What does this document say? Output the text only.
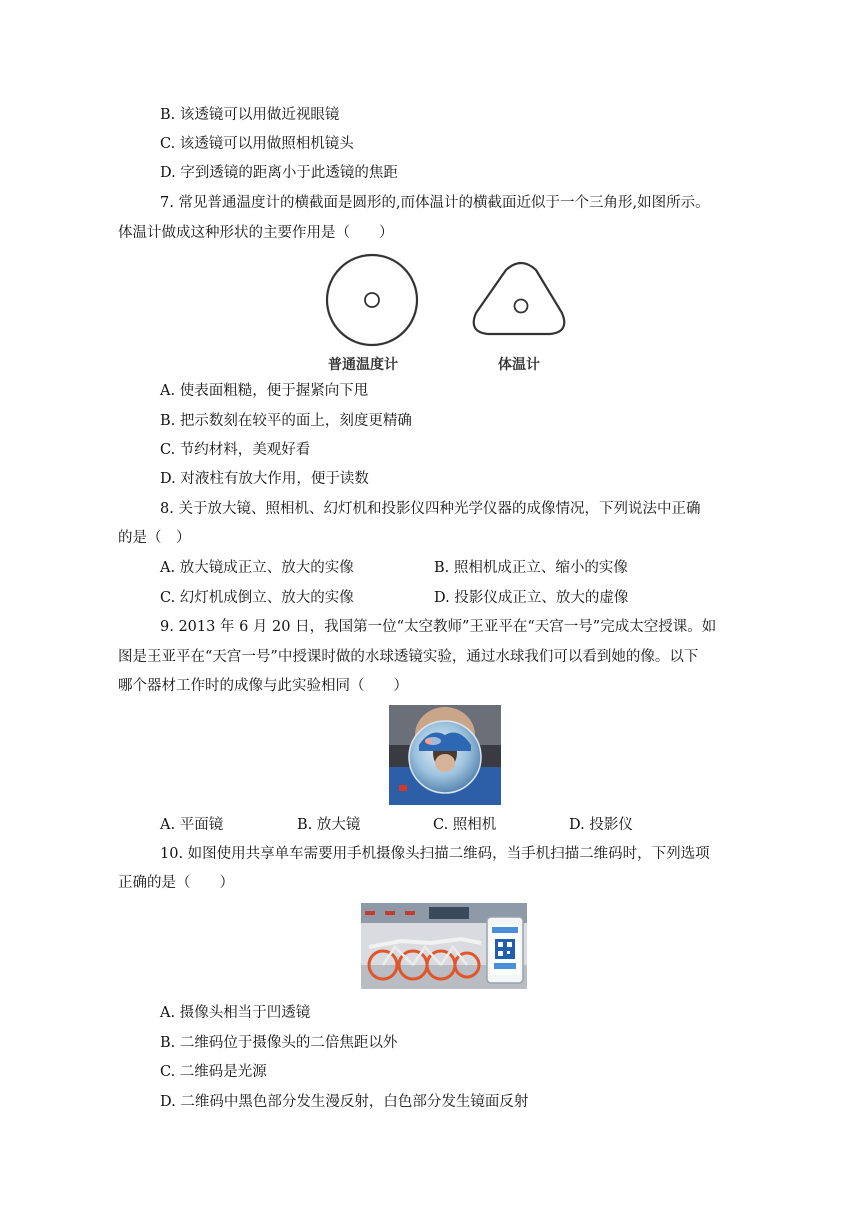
B. 该透镜可以用做近视眼镜
C. 该透镜可以用做照相机镜头
D. 字到透镜的距离小于此透镜的焦距
7. 常见普通温度计的横截面是圆形的,而体温计的横截面近似于一个三角形,如图所示。
体温计做成这种形状的主要作用是（　　）
普通温度计	体温计
A. 使表面粗糙，便于握紧向下甩
B. 把示数刻在较平的面上，刻度更精确
C. 节约材料，美观好看
D. 对液柱有放大作用，便于读数
8. 关于放大镜、照相机、幻灯机和投影仪四种光学仪器的成像情况，下列说法中正确
的是（　）
A. 放大镜成正立、放大的实像	B. 照相机成正立、缩小的实像
C. 幻灯机成倒立、放大的实像	D. 投影仪成正立、放大的虚像
9. 2013 年 6 月 20 日，我国第一位“太空教师”王亚平在“天宫一号”完成太空授课。如
图是王亚平在“天宫一号”中授课时做的水球透镜实验，通过水球我们可以看到她的像。以下
哪个器材工作时的成像与此实验相同（　　）
A. 平面镜	B. 放大镜	C. 照相机	D. 投影仪
10. 如图使用共享单车需要用手机摄像头扫描二维码，当手机扫描二维码时，下列选项
正确的是（　　）
A. 摄像头相当于凹透镜
B. 二维码位于摄像头的二倍焦距以外
C. 二维码是光源
D. 二维码中黑色部分发生漫反射，白色部分发生镜面反射
